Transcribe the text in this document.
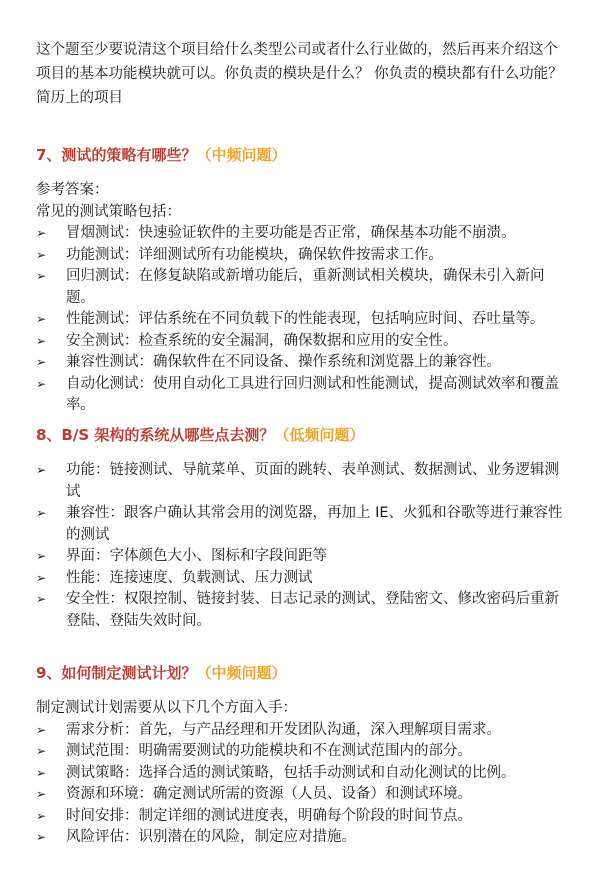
这个题至少要说清这个项目给什么类型公司或者什么行业做的，然后再来介绍这个项目的基本功能模块就可以。你负责的模块是什么？ 你负责的模块都有什么功能？简历上的项目

7、测试的策略有哪些？（中频问题）

参考答案：

常见的测试策略包括：

➢ 冒烟测试：快速验证软件的主要功能是否正常，确保基本功能不崩溃。
➢ 功能测试：详细测试所有功能模块，确保软件按需求工作。
➢ 回归测试：在修复缺陷或新增功能后，重新测试相关模块，确保未引入新问题。
➢ 性能测试：评估系统在不同负载下的性能表现，包括响应时间、吞吐量等。
➢ 安全测试：检查系统的安全漏洞，确保数据和应用的安全性。
➢ 兼容性测试：确保软件在不同设备、操作系统和浏览器上的兼容性。
➢ 自动化测试：使用自动化工具进行回归测试和性能测试，提高测试效率和覆盖率。

8、B/S 架构的系统从哪些点去测？（低频问题）

➢ 功能：链接测试、导航菜单、页面的跳转、表单测试、数据测试、业务逻辑测试
➢ 兼容性：跟客户确认其常会用的浏览器，再加上 IE、火狐和谷歌等进行兼容性的测试
➢ 界面：字体颜色大小、图标和字段间距等
➢ 性能：连接速度、负载测试、压力测试
➢ 安全性：权限控制、链接封装、日志记录的测试、登陆密文、修改密码后重新登陆、登陆失效时间。

9、如何制定测试计划？（中频问题）

制定测试计划需要从以下几个方面入手：

➢ 需求分析：首先，与产品经理和开发团队沟通，深入理解项目需求。
➢ 测试范围：明确需要测试的功能模块和不在测试范围内的部分。
➢ 测试策略：选择合适的测试策略，包括手动测试和自动化测试的比例。
➢ 资源和环境：确定测试所需的资源（人员、设备）和测试环境。
➢ 时间安排：制定详细的测试进度表，明确每个阶段的时间节点。
➢ 风险评估：识别潜在的风险，制定应对措施。
